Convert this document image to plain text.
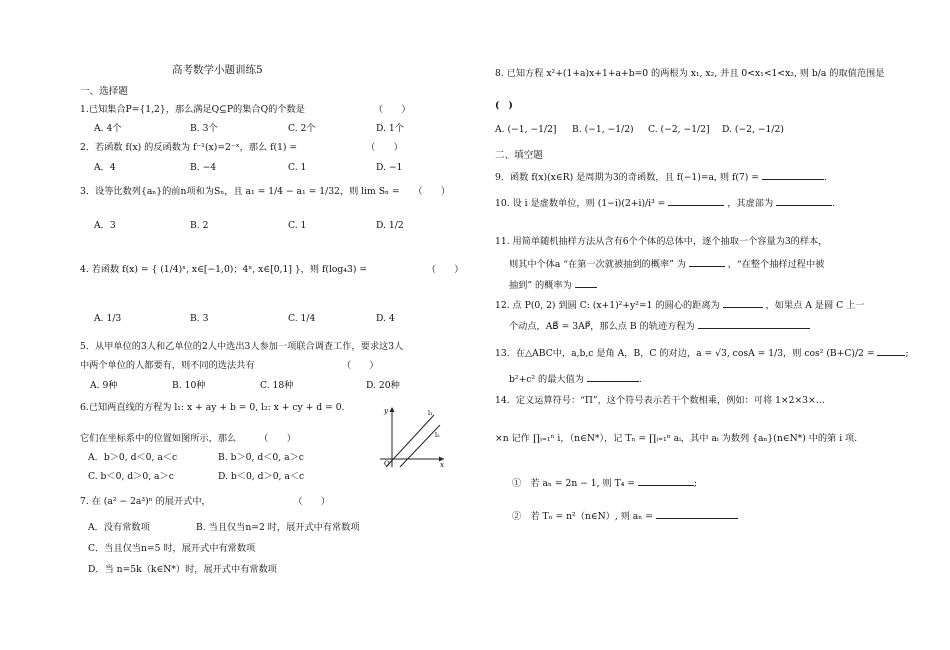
高考数学小题训练5
一、选择题
1.已知集合P={1,2}，那么满足Q⊆P的集合Q的个数是　　　　　　　　（　　）
A. 4个	B. 3个	C. 2个	D. 1个
2．若函数 f(x) 的反函数为 f⁻¹(x)=2⁻ˣ，那么 f(1) =　　　　　　　　（　　）
A．4	B. −4	C. 1	D. −1
3．设等比数列{aₙ}的前n项和为Sₙ，且 a₁ = 1/4 − a₁ = 1/32，则 lim Sₙ =　　（　　）
A．3	B. 2	C. 1	D. 1/2
4. 若函数 f(x) = { (1/4)ˣ, x∈[−1,0)；4ˣ, x∈[0,1] }，则 f(log₄3) =　　　　　　　（　　）
A. 1/3	B. 3	C. 1/4	D. 4
5．从甲单位的3人和乙单位的2人中选出3人参加一项联合调查工作，要求这3人
中两个单位的人都要有，则不同的选法共有　　　　　　　　　　（　　）
A. 9种	B. 10种	C. 18种	D. 20种
6.已知两直线的方程为 l₁: x + ay + b = 0, l₂: x + cy + d = 0.
它们在坐标系中的位置如图所示，那么　　　（　　）
A．b＞0, d＜0, a＜c	B. b＞0, d＜0, a＞c
C. b＜0, d＞0, a＞c	D. b＜0, d＞0, a＜c
y
x
O
l₁
l₂
7. 在 (a² − 2a³)ⁿ 的展开式中，　　　　　　　　　　（　　）
A．没有常数项	B. 当且仅当n=2 时，展开式中有常数项
C．当且仅当n=5 时，展开式中有常数项
D．当 n=5k（k∈N*）时，展开式中有常数项
8. 已知方程 x²+(1+a)x+1+a+b=0 的两根为 x₁, x₂, 并且 0<x₁<1<x₂, 则 b/a 的取值范围是
(　)
A. (−1, −1/2] B. (−1, −1/2) C. (−2, −1/2] D. (−2, −1/2)
二、填空题
9．函数 f(x)(x∈R) 是周期为3的奇函数，且 f(−1)=a, 则 f(7) =	.
10. 设 i 是虚数单位，则 (1−i)(2+i)/i³ =	，其虚部为	.
11. 用简单随机抽样方法从含有6个个体的总体中，逐个抽取一个容量为3的样本，
则其中个体a “在第一次就被抽到的概率” 为	，“在整个抽样过程中被
抽到” 的概率为
12. 点 P(0, 2) 到圆 C: (x+1)²+y²=1 的圆心的距离为	，如果点 A 是圆 C 上一
个动点，AB⃗ = 3AP⃗，那么点 B 的轨迹方程为
13．在△ABC中，a,b,c 是角 A，B，C 的对边，a = √3, cosA = 1/3，则 cos² (B+C)/2 =	;
b²+c² 的最大值为	.
14．定义运算符号：“Π”，这个符号表示若干个数相乘，例如：可将 1×2×3×…
×n 记作 ∏ᵢ₌₁ⁿ i，（n∈N*），记 Tₙ = ∏ᵢ₌₁ⁿ aᵢ，其中 aᵢ 为数列 {aₙ}(n∈N*) 中的第 i 项.
①　若 aₙ = 2n − 1, 则 T₄ =	;
②　若 Tₙ = n²（n∈N）, 则 aₙ =
